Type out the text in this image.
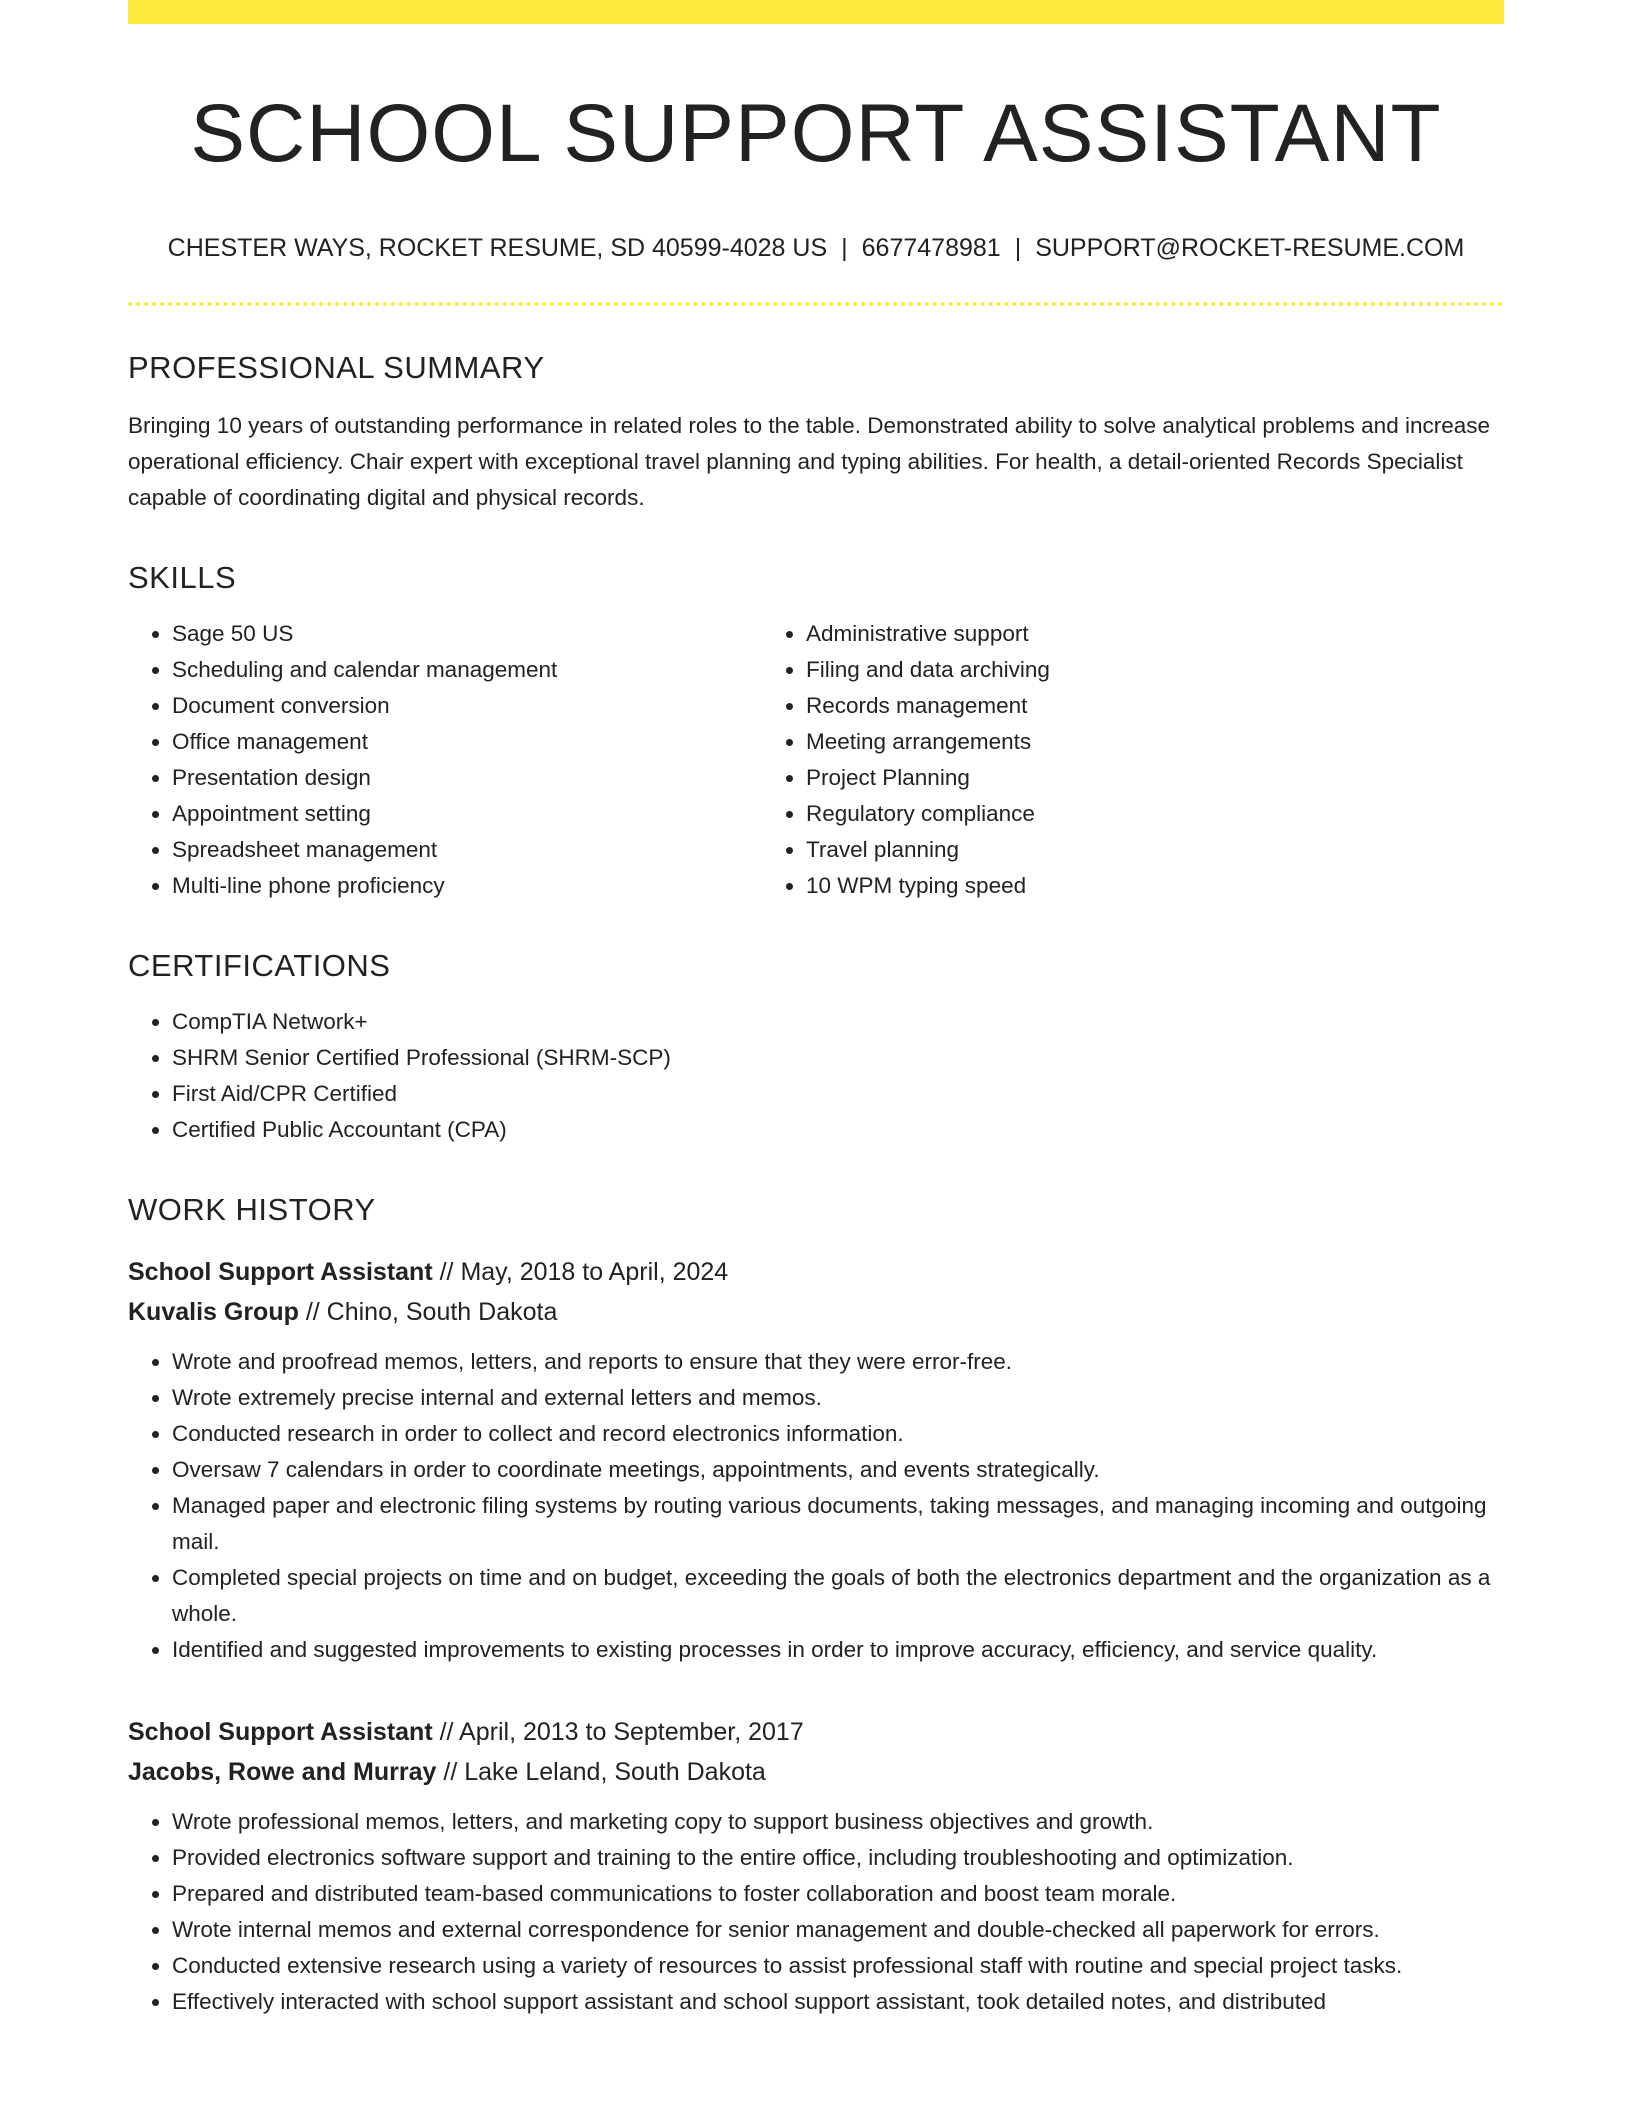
SCHOOL SUPPORT ASSISTANT
CHESTER WAYS, ROCKET RESUME, SD 40599-4028 US | 6677478981 | SUPPORT@ROCKET-RESUME.COM
PROFESSIONAL SUMMARY

Bringing 10 years of outstanding performance in related roles to the table. Demonstrated ability to solve analytical problems and increase operational efficiency. Chair expert with exceptional travel planning and typing abilities. For health, a detail-oriented Records Specialist capable of coordinating digital and physical records.

SKILLS
• Sage 50 US
• Scheduling and calendar management
• Document conversion
• Office management
• Presentation design
• Appointment setting
• Spreadsheet management
• Multi-line phone proficiency
• Administrative support
• Filing and data archiving
• Records management
• Meeting arrangements
• Project Planning
• Regulatory compliance
• Travel planning
• 10 WPM typing speed
CERTIFICATIONS
• CompTIA Network+
• SHRM Senior Certified Professional (SHRM-SCP)
• First Aid/CPR Certified
• Certified Public Accountant (CPA)
WORK HISTORY
School Support Assistant // May, 2018 to April, 2024
Kuvalis Group // Chino, South Dakota
• Wrote and proofread memos, letters, and reports to ensure that they were error-free.
• Wrote extremely precise internal and external letters and memos.
• Conducted research in order to collect and record electronics information.
• Oversaw 7 calendars in order to coordinate meetings, appointments, and events strategically.
• Managed paper and electronic filing systems by routing various documents, taking messages, and managing incoming and outgoing mail.
• Completed special projects on time and on budget, exceeding the goals of both the electronics department and the organization as a whole.
• Identified and suggested improvements to existing processes in order to improve accuracy, efficiency, and service quality.
School Support Assistant // April, 2013 to September, 2017
Jacobs, Rowe and Murray // Lake Leland, South Dakota
• Wrote professional memos, letters, and marketing copy to support business objectives and growth.
• Provided electronics software support and training to the entire office, including troubleshooting and optimization.
• Prepared and distributed team-based communications to foster collaboration and boost team morale.
• Wrote internal memos and external correspondence for senior management and double-checked all paperwork for errors.
• Conducted extensive research using a variety of resources to assist professional staff with routine and special project tasks.
• Effectively interacted with school support assistant and school support assistant, took detailed notes, and distributed
